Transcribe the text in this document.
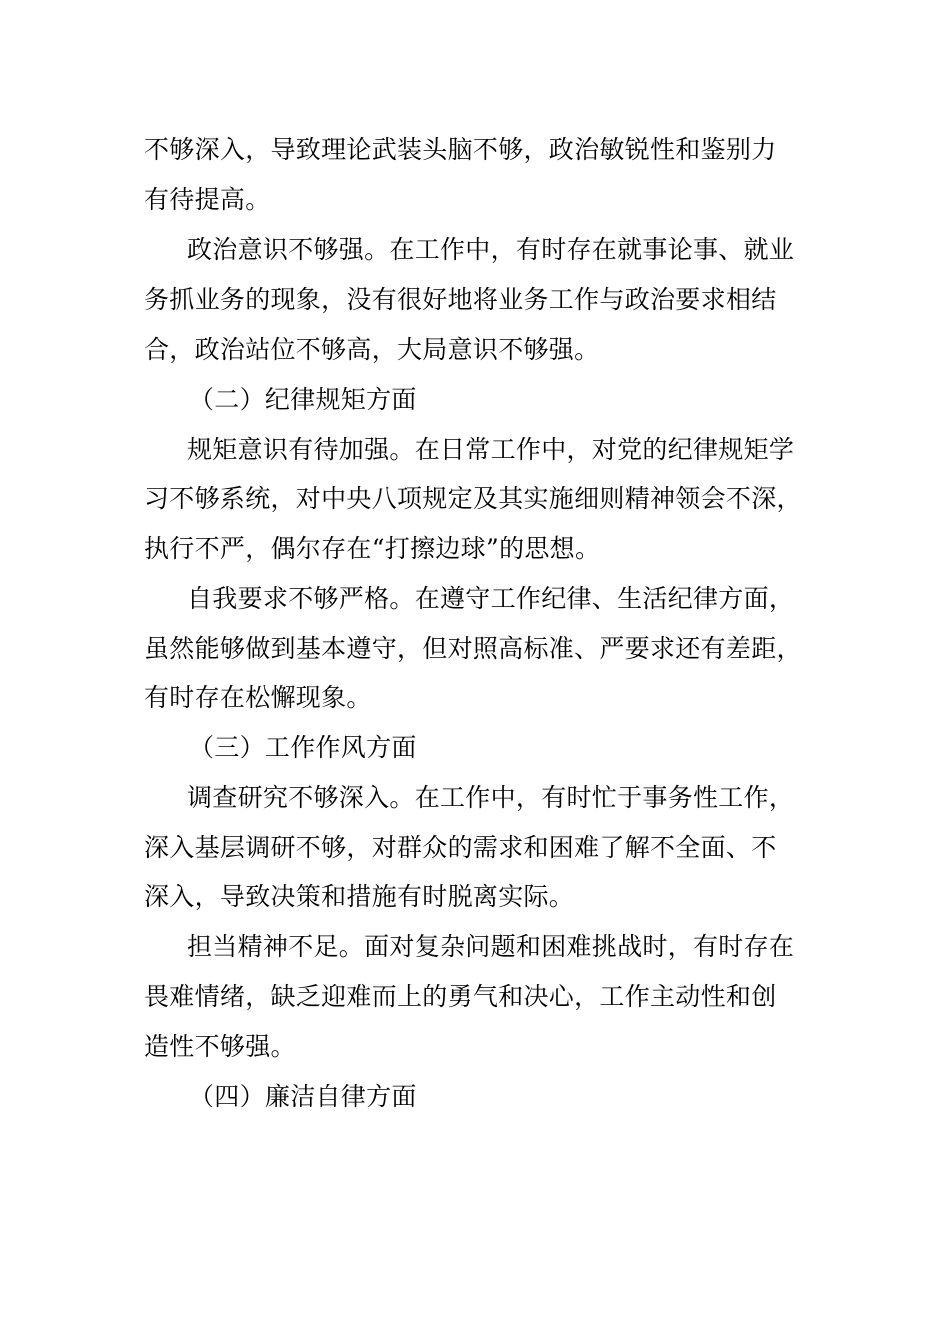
不够深入，导致理论武装头脑不够，政治敏锐性和鉴别力
有待提高。
政治意识不够强。在工作中，有时存在就事论事、就业
务抓业务的现象，没有很好地将业务工作与政治要求相结
合，政治站位不够高，大局意识不够强。
（二）纪律规矩方面
规矩意识有待加强。在日常工作中，对党的纪律规矩学
习不够系统，对中央八项规定及其实施细则精神领会不深，
执行不严，偶尔存在“打擦边球”的思想。
自我要求不够严格。在遵守工作纪律、生活纪律方面，
虽然能够做到基本遵守，但对照高标准、严要求还有差距，
有时存在松懈现象。
（三）工作作风方面
调查研究不够深入。在工作中，有时忙于事务性工作，
深入基层调研不够，对群众的需求和困难了解不全面、不
深入，导致决策和措施有时脱离实际。
担当精神不足。面对复杂问题和困难挑战时，有时存在
畏难情绪，缺乏迎难而上的勇气和决心，工作主动性和创
造性不够强。
（四）廉洁自律方面
